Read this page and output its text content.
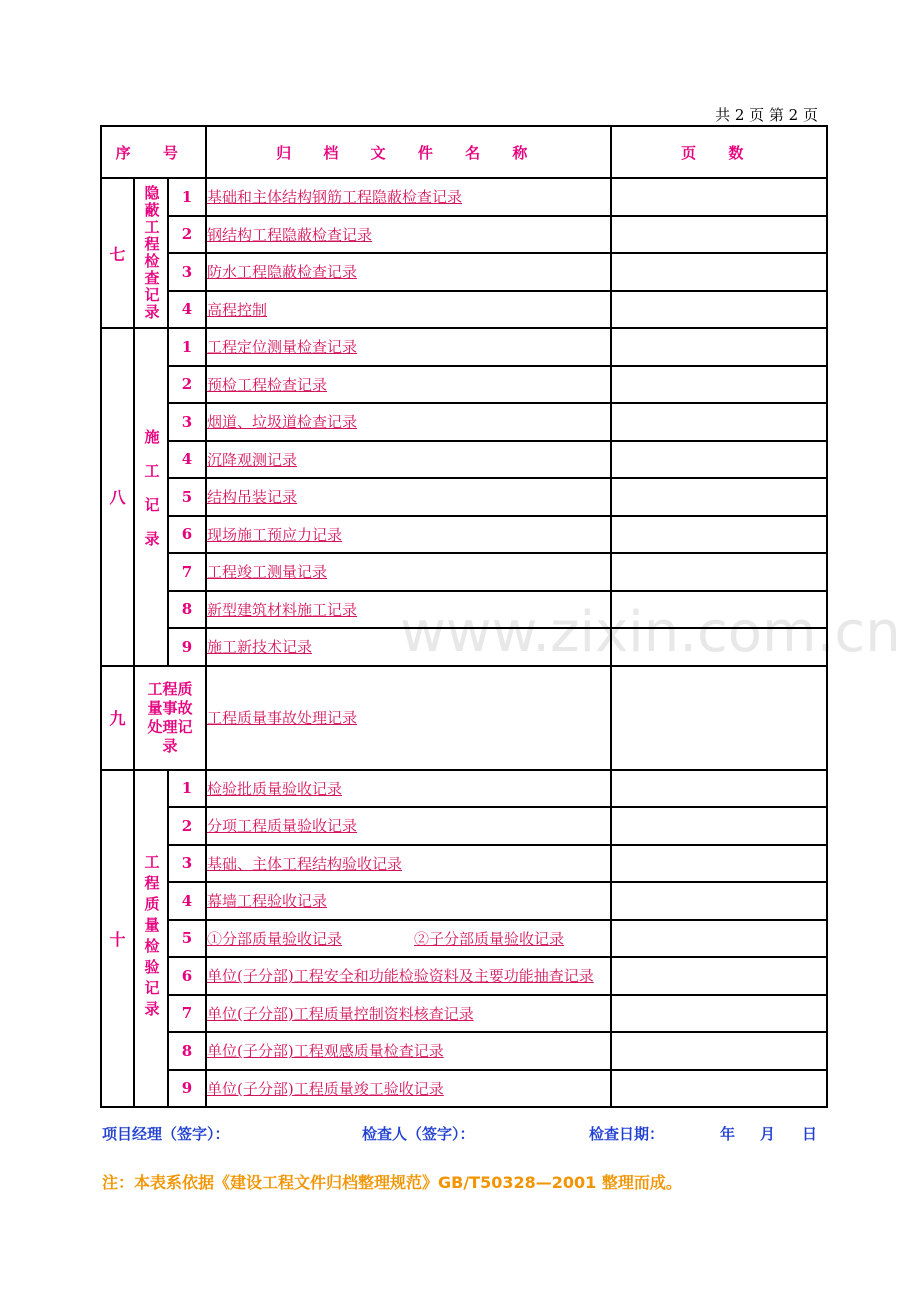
共 2 页 第 2 页
www.zixin.com.cn
序 号			归 档 文 件 名 称	页 数
七	隐蔽工程检查记录	1	基础和主体结构钢筋工程隐蔽检查记录	
		2	钢结构工程隐蔽检查记录	
		3	防水工程隐蔽检查记录	
		4	高程控制	
八	施工记录	1	工程定位测量检查记录	
		2	预检工程检查记录	
		3	烟道、垃圾道检查记录	
		4	沉降观测记录	
		5	结构吊装记录	
		6	现场施工预应力记录	
		7	工程竣工测量记录	
		8	新型建筑材料施工记录	
		9	施工新技术记录	
九	工程质量事故处理记录		工程质量事故处理记录	
十	工程质量检验记录	1	检验批质量验收记录	
		2	分项工程质量验收记录	
		3	基础、主体工程结构验收记录	
		4	幕墙工程验收记录	
		5	①分部质量验收记录 ②子分部质量验收记录	
		6	单位(子分部)工程安全和功能检验资料及主要功能抽查记录	
		7	单位(子分部)工程质量控制资料核查记录	
		8	单位(子分部)工程观感质量检查记录	
		9	单位(子分部)工程质量竣工验收记录	
项目经理（签字）：	检查人（签字）：	检查日期：	年 月 日
注：本表系依据《建设工程文件归档整理规范》GB/T50328—2001 整理而成。
